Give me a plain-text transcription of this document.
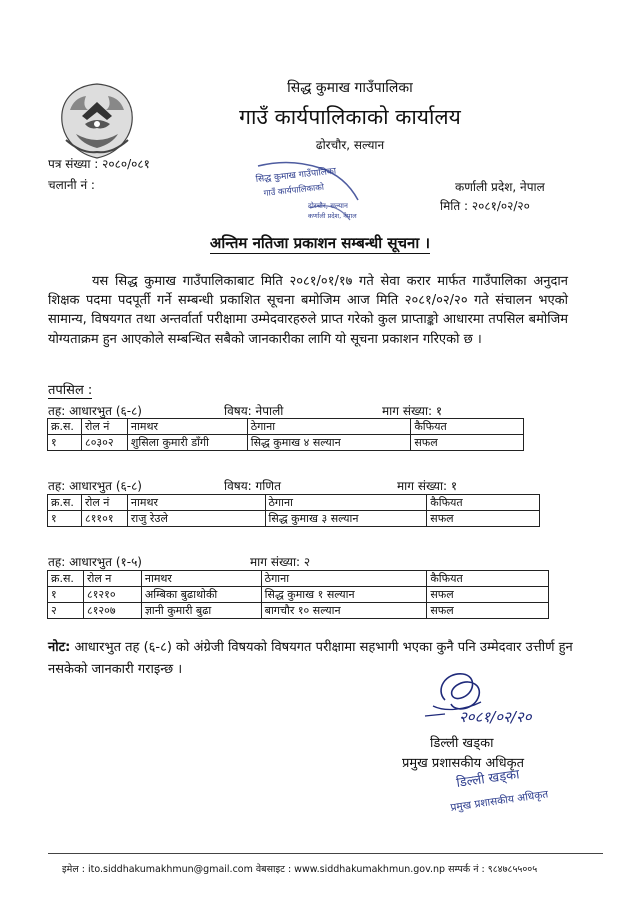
सिद्ध कुमाख गाउँपालिका
गाउँ कार्यपालिकाको कार्यालय
ढोरचौर, सल्यान
पत्र संख्या : २०८०/०८१
चलानी नं :	कर्णाली प्रदेश, नेपाल
मिति : २०८१/०२/२०
सिद्ध कुमाख गाउँपालिका
गाउँ कार्यपालिकाको
ढोरचौर, सल्यान
कर्णाली प्रदेश, नेपाल
अन्तिम नतिजा प्रकाशन सम्बन्धी सूचना ।
यस सिद्ध कुमाख गाउँपालिकाबाट मिति २०८१/०१/१७ गते सेवा करार मार्फत गाउँपालिका अनुदान शिक्षक पदमा पदपूर्ती गर्ने सम्बन्धी प्रकाशित सूचना बमोजिम आज मिति २०८१/०२/२० गते संचालन भएको सामान्य, विषयगत तथा अन्तर्वार्ता परीक्षामा उम्मेदवारहरुले प्राप्त गरेको कुल प्राप्ताङ्को आधारमा तपसिल बमोजिम योग्यताक्रम हुन आएकोले सम्बन्धित सबैको जानकारीका लागि यो सूचना प्रकाशन गरिएको छ ।
तपसिल :
तह: आधारभुत (६-८)	विषय: नेपाली	माग संख्या: १
क्र.स.	रोल नं	नामथर	ठेगाना	कैफियत
१	८०३०२	शुसिला कुमारी डाँगी	सिद्ध कुमाख ४ सल्यान	सफल
तह: आधारभुत (६-८)	विषय: गणित	माग संख्या: १
क्र.स.	रोल नं	नामथर	ठेगाना	कैफियत
१	८११०१	राजु रेउले	सिद्ध कुमाख ३ सल्यान	सफल
तह: आधारभुत (१-५)	माग संख्या: २
क्र.स.	रोल न	नामथर	ठेगाना	कैफियत
१	८१२१०	अम्बिका बुढाथोकी	सिद्ध कुमाख १ सल्यान	सफल
२	८१२०७	ज्ञानी कुमारी बुढा	बागचौर १० सल्यान	सफल
नोट: आधारभुत तह (६-८) को अंग्रेजी विषयको विषयगत परीक्षामा सहभागी भएका कुनै पनि उम्मेदवार उत्तीर्ण हुन नसकेको जानकारी गराइन्छ ।
२०८१/०२/२०
डिल्ली खड्का
प्रमुख प्रशासकीय अधिकृत
डिल्ली खड्का
प्रमुख प्रशासकीय अधिकृत
इमेल : ito.siddhakumakhmun@gmail.com वेबसाइट : www.siddhakumakhmun.gov.np सम्पर्क नं : ९८४७८५५००५
